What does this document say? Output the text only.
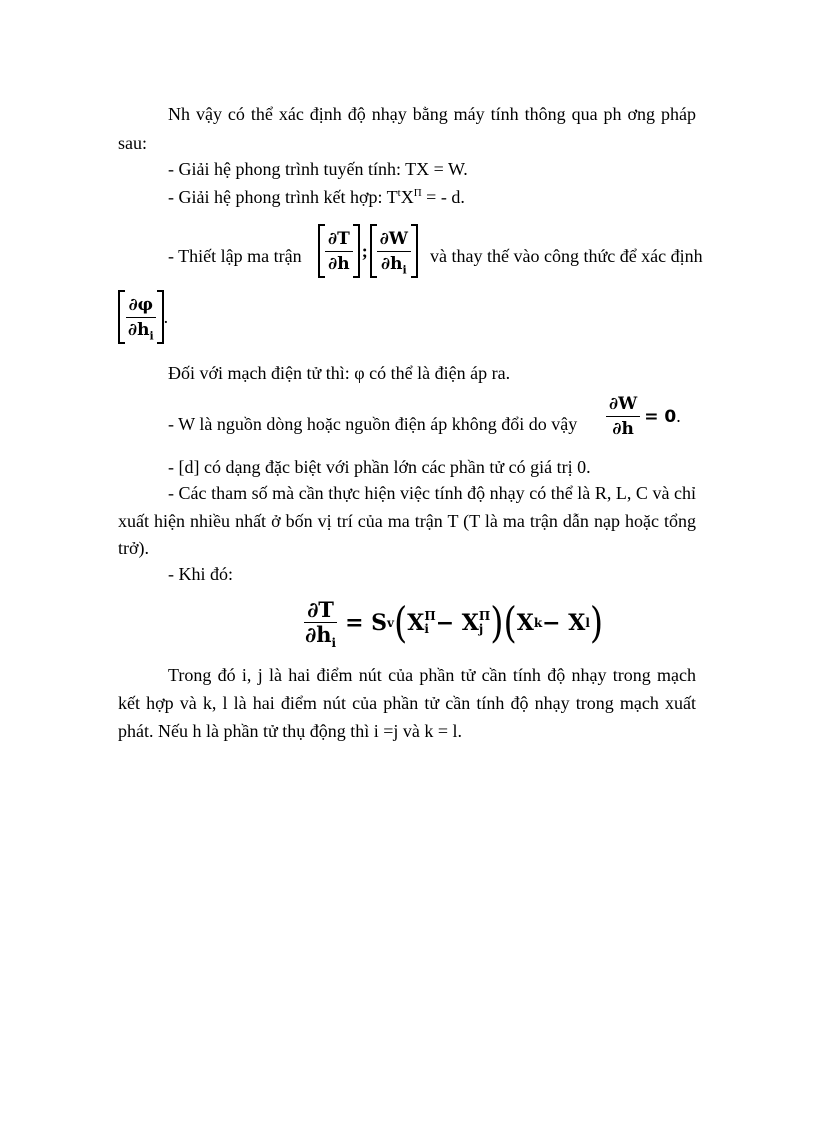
Nh vậy có thể xác định độ nhạy bằng máy tính thông qua ph ơng pháp
sau:
- Giải hệ phong trình tuyến tính: TX = W.
- Giải hệ phong trình kết hợp: $T^tX^\Pi$ = - d.
- Thiết lập ma trận $\frac{\partial T}{\partial h}$ ; $\frac{\partial W}{\partial h_i}$ và thay thế vào công thức để xác định
$\frac{\partial\varphi}{\partial h_i}$ .
Đối với mạch điện tử thì: φ có thể là điện áp ra.
- W là nguồn dòng hoặc nguồn điện áp không đổi do vậy $\frac{\partial W}{\partial h} = 0$ .
- [d] có dạng đặc biệt với phần lớn các phần tử có giá trị 0.
- Các tham số mà cần thực hiện việc tính độ nhạy có thể là R, L, C và chỉ
xuất hiện nhiều nhất ở bốn vị trí của ma trận T (T là ma trận dẫn nạp hoặc tổng
trở).
- Khi đó:
$\frac{\partial T}{\partial h_i} = S$ v ( X Π
i − X Π
j ) ( X k − X l )
Trong đó i, j là hai điểm nút của phần tử cần tính độ nhạy trong mạch
kết hợp và k, l là hai điểm nút của phần tử cần tính độ nhạy trong mạch xuất
phát. Nếu h là phần tử thụ động thì i =j và k = l.
